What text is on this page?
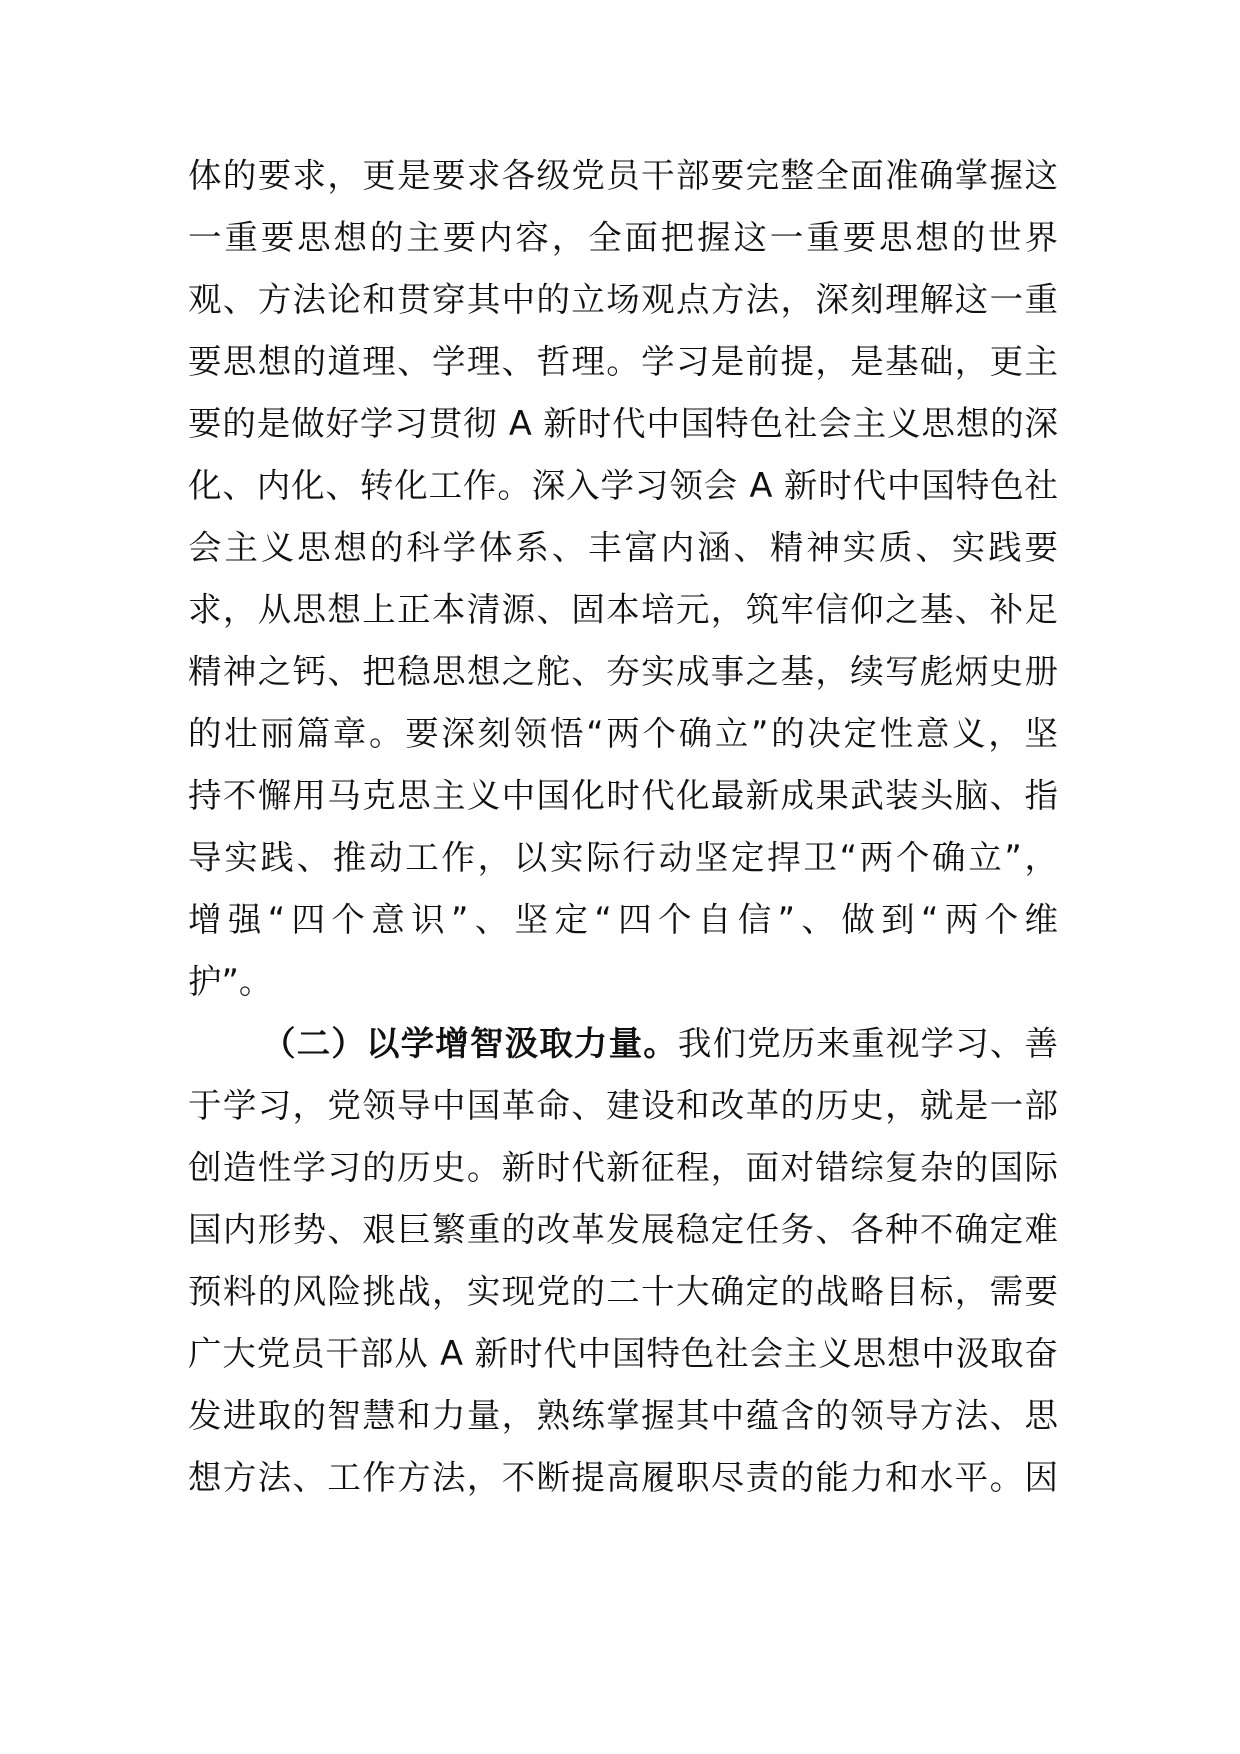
体的要求，更是要求各级党员干部要完整全面准确掌握这
一重要思想的主要内容，全面把握这一重要思想的世界
观、方法论和贯穿其中的立场观点方法，深刻理解这一重
要思想的道理、学理、哲理。学习是前提，是基础，更主
要的是做好学习贯彻 A 新时代中国特色社会主义思想的深
化、内化、转化工作。深入学习领会 A 新时代中国特色社
会主义思想的科学体系、丰富内涵、精神实质、实践要
求，从思想上正本清源、固本培元，筑牢信仰之基、补足
精神之钙、把稳思想之舵、夯实成事之基，续写彪炳史册
的壮丽篇章。要深刻领悟“两个确立”的决定性意义，坚
持不懈用马克思主义中国化时代化最新成果武装头脑、指
导实践、推动工作，以实际行动坚定捍卫“两个确立”，
增强“四个意识”、坚定“四个自信”、做到“两个维
护”。
（二）以学增智汲取力量。我们党历来重视学习、善
于学习，党领导中国革命、建设和改革的历史，就是一部
创造性学习的历史。新时代新征程，面对错综复杂的国际
国内形势、艰巨繁重的改革发展稳定任务、各种不确定难
预料的风险挑战，实现党的二十大确定的战略目标，需要
广大党员干部从 A 新时代中国特色社会主义思想中汲取奋
发进取的智慧和力量，熟练掌握其中蕴含的领导方法、思
想方法、工作方法，不断提高履职尽责的能力和水平。因
